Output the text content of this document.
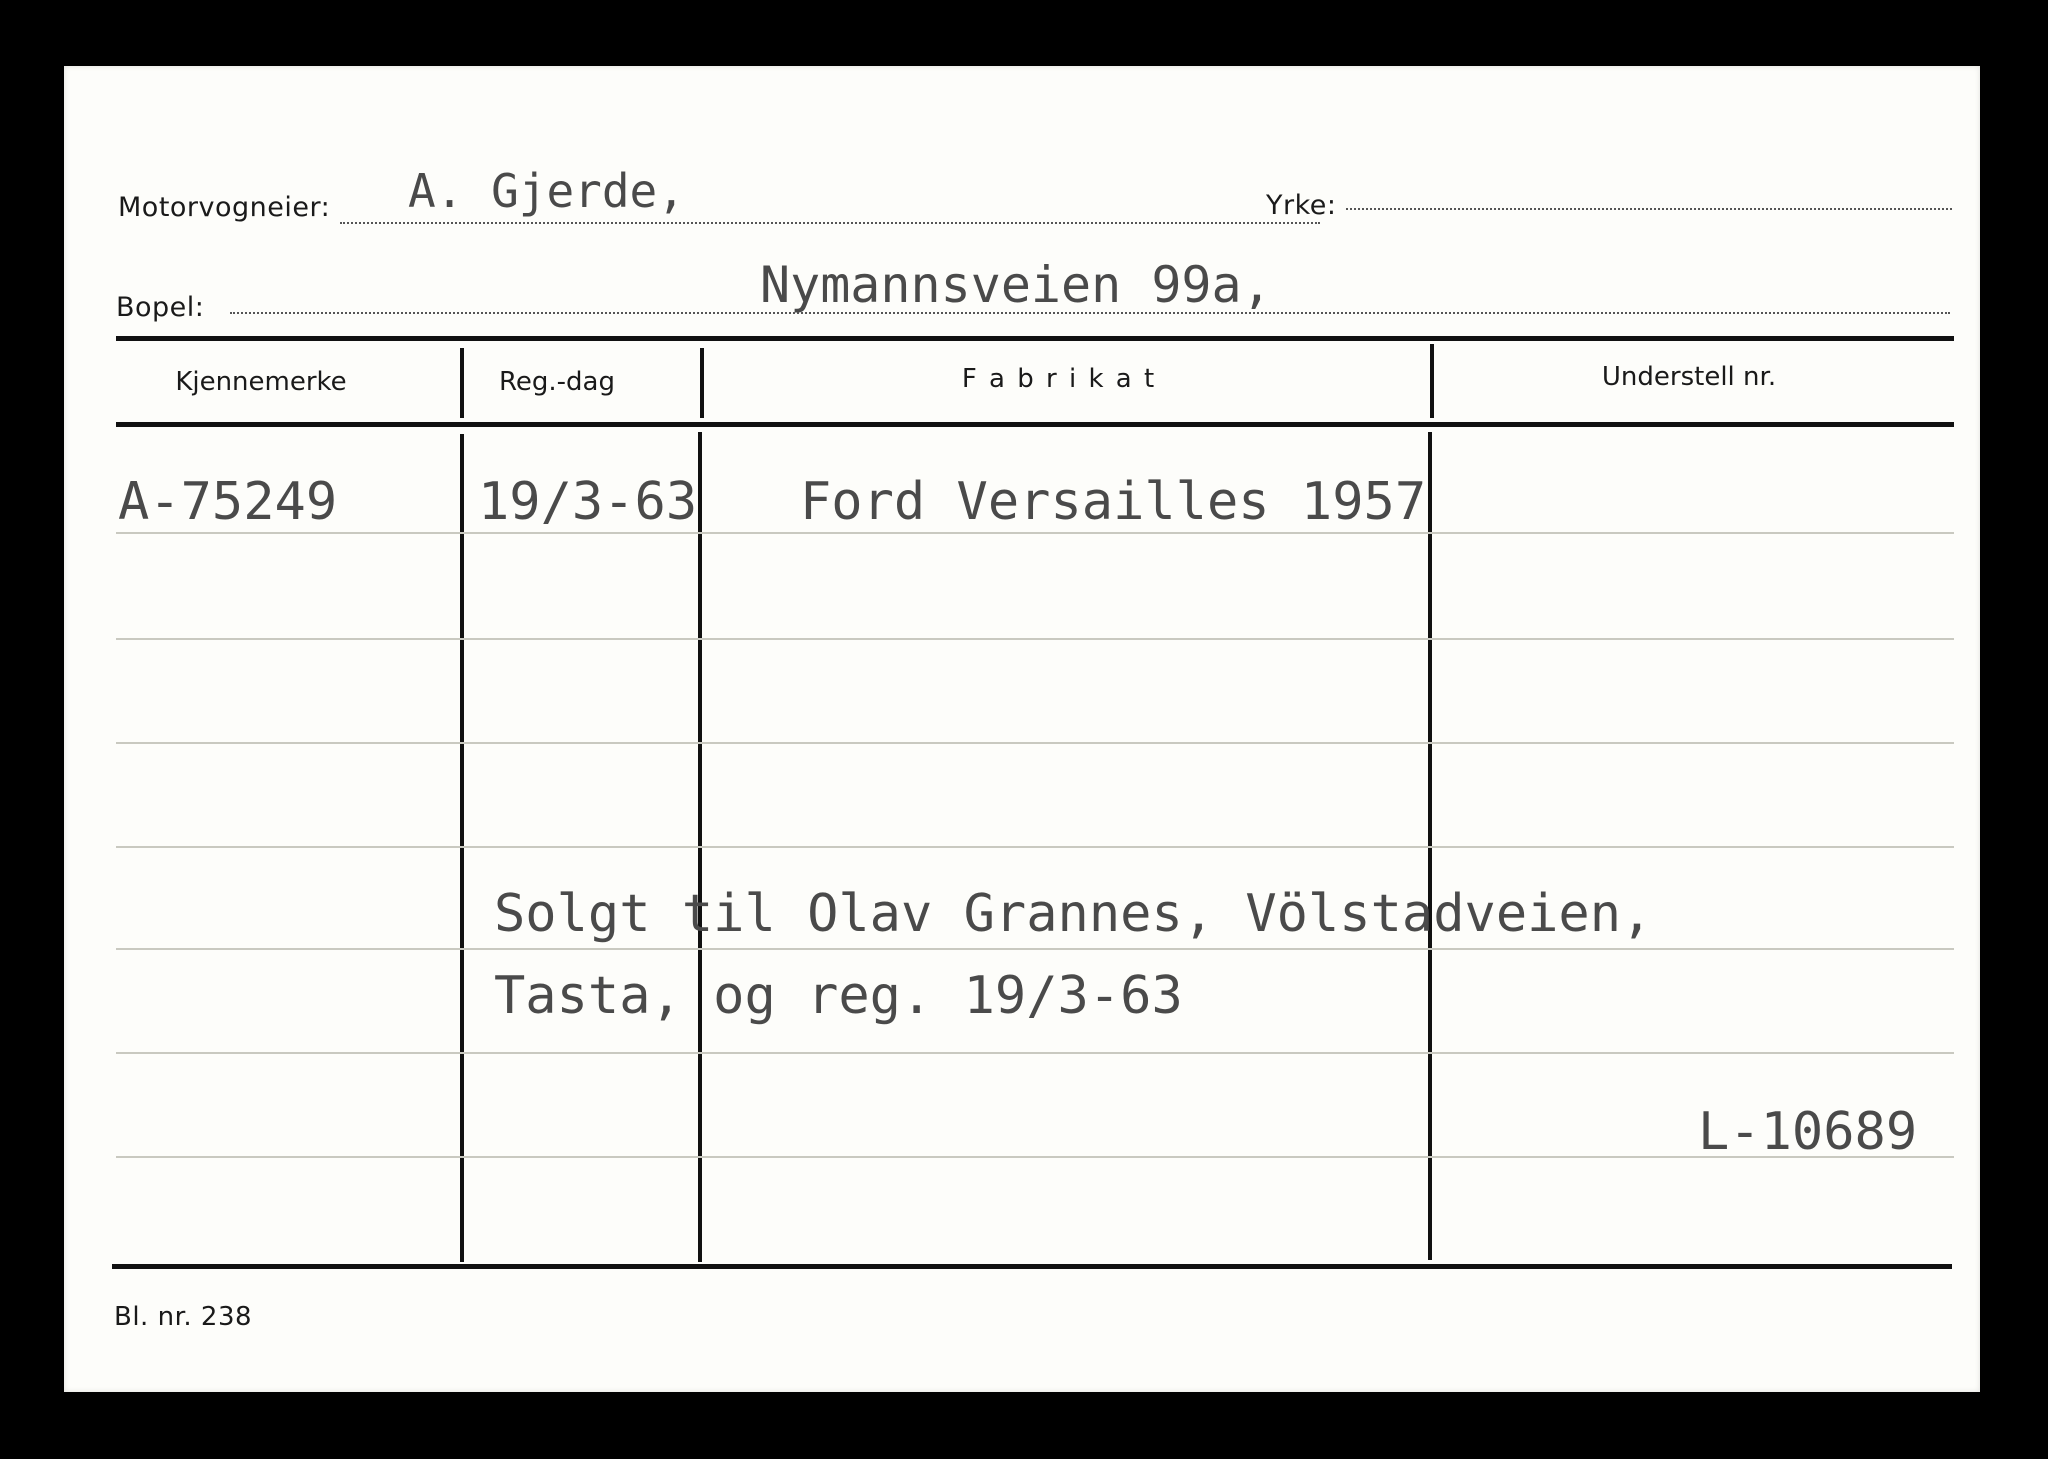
Motorvogneier: A. Gjerde,	Yrke:
Bopel:	Nymannsveien 99a,
Kjennemerke	Reg.-dag	F a b r i k a t	Understell nr.
A-75249	19/3-63 Ford Versailles 1957
Solgt til Olav Grannes, Völstadveien,
Tasta, og reg. 19/3-63
L-10689
Bl. nr. 238
